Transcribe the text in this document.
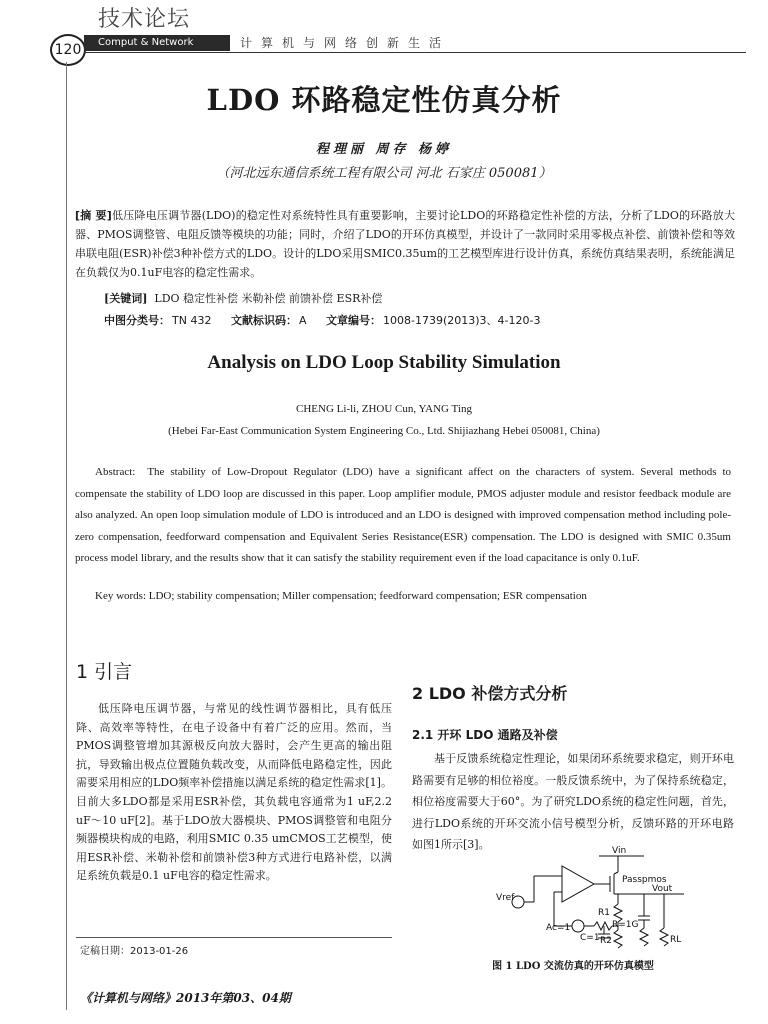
技术论坛
120	Comput & Network	计算机与网络创新生活
LDO 环路稳定性仿真分析
程理丽 周存 杨婷
（河北远东通信系统工程有限公司 河北 石家庄 050081）
[摘 要]低压降电压调节器(LDO)的稳定性对系统特性具有重要影响，主要讨论LDO的环路稳定性补偿的方法，分析了LDO的环路放大器、PMOS调整管、电阻反馈等模块的功能；同时，介绍了LDO的开环仿真模型，并设计了一款同时采用零极点补偿、前馈补偿和等效串联电阻(ESR)补偿3种补偿方式的LDO。设计的LDO采用SMIC0.35um的工艺模型库进行设计仿真，系统仿真结果表明，系统能满足在负载仅为0.1uF电容的稳定性需求。
[关键词] LDO 稳定性补偿 米勒补偿 前馈补偿 ESR补偿
中图分类号： TN 432 文献标识码： A 文章编号： 1008-1739(2013)3、4-120-3
Analysis on LDO Loop Stability Simulation
CHENG Li-li, ZHOU Cun, YANG Ting
(Hebei Far-East Communication System Engineering Co., Ltd. Shijiazhang Hebei 050081, China)
Abstract: The stability of Low-Dropout Regulator (LDO) have a significant affect on the characters of system. Several methods to compensate the stability of LDO loop are discussed in this paper. Loop amplifier module, PMOS adjuster module and resistor feedback module are also analyzed. An open loop simulation module of LDO is introduced and an LDO is designed with improved compensation method including pole-zero compensation, feedforward compensation and Equivalent Series Resistance(ESR) compensation. The LDO is designed with SMIC 0.35um process model library, and the results show that it can satisfy the stability requirement even if the load capacitance is only 0.1uF.
Key words: LDO; stability compensation; Miller compensation; feedforward compensation; ESR compensation
1 引言

低压降电压调节器，与常见的线性调节器相比，具有低压降、高效率等特性，在电子设备中有着广泛的应用。然而，当PMOS调整管增加其源极反向放大器时，会产生更高的输出阻抗，导致输出极点位置随负载改变，从而降低电路稳定性，因此需要采用相应的LDO频率补偿措施以满足系统的稳定性需求[1]。目前大多LDO都是采用ESR补偿，其负载电容通常为1 uF,2.2 uF～10 uF[2]。基于LDO放大器模块、PMOS调整管和电阻分频器模块构成的电路，利用SMIC 0.35 umCMOS工艺模型，使用ESR补偿、米勒补偿和前馈补偿3种方式进行电路补偿，以满足系统负载是0.1 uF电容的稳定性需求。

2 LDO 补偿方式分析
2.1 开环 LDO 通路及补偿

基于反馈系统稳定性理论，如果闭环系统要求稳定，则开环电路需要有足够的相位裕度。一般反馈系统中，为了保持系统稳定，相位裕度需要大于60°。为了研究LDO系统的稳定性问题，首先，进行LDO系统的开环交流小信号模型分析，反馈环路的开环电路如图1所示[3]。	Vin
Passpmos
Vout
Vref
R1
R=1G
Ac=1
C=1 R2	RL
定稿日期：2013-01-26
图 1 LDO 交流仿真的开环仿真模型
《计算机与网络》2013年第03、04期
